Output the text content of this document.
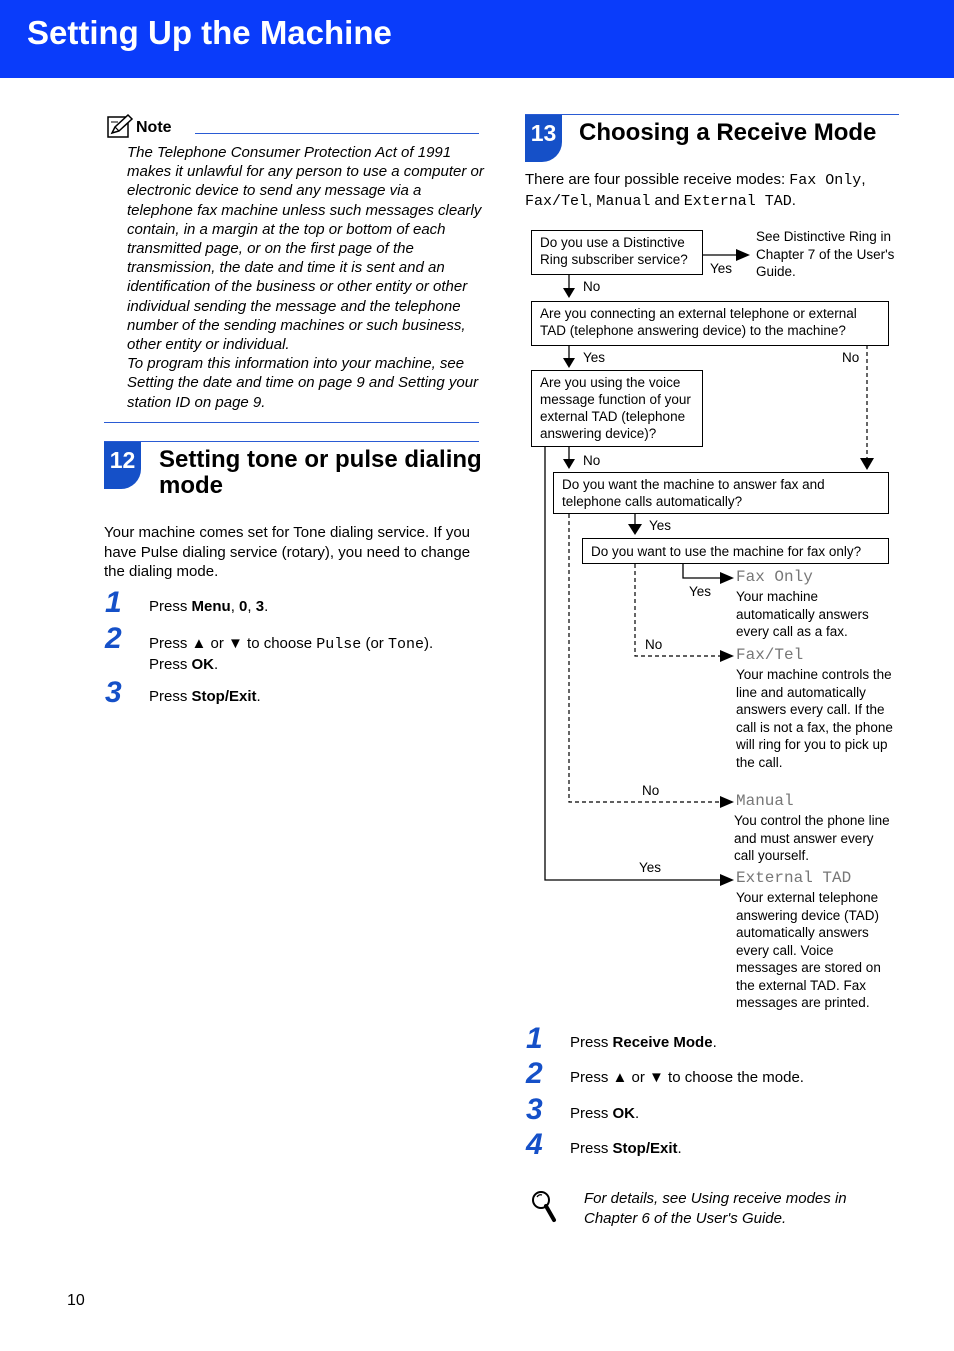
Setting Up the Machine
Note

The Telephone Consumer Protection Act of 1991 makes it unlawful for any person to use a computer or electronic device to send any message via a telephone fax machine unless such messages clearly contain, in a margin at the top or bottom of each transmitted page, or on the first page of the transmission, the date and time it is sent and an identification of the business or other entity or other individual sending the message and the telephone number of the sending machines or such business, other entity or individual.

To program this information into your machine, see Setting the date and time on page 9 and Setting your station ID on page 9.

12 Setting tone or pulse dialing
mode
Your machine comes set for Tone dialing service. If you have Pulse dialing service (rotary), you need to change the dialing mode.
1 Press Menu, 0, 3.
2 Press ▲ or ▼ to choose Pulse (or Tone).
Press OK.
3 Press Stop/Exit.
13 Choosing a Receive Mode
There are four possible receive modes: Fax Only, Fax/Tel, Manual and External TAD.
Do you use a Distinctive Ring subscriber service?
Yes
See Distinctive Ring in Chapter 7 of the User's Guide.
No
Are you connecting an external telephone or external TAD (telephone answering device) to the machine?
Yes	No
Are you using the voice message function of your external TAD (telephone answering device)?
No
Do you want the machine to answer fax and telephone calls automatically?
Yes
Do you want to use the machine for fax only?
Yes
No
No
Yes
Fax Only
Your machine automatically answers every call as a fax.
Fax/Tel
Your machine controls the line and automatically answers every call. If the call is not a fax, the phone will ring for you to pick up the call.
Manual
You control the phone line and must answer every call yourself.
External TAD
Your external telephone answering device (TAD) automatically answers every call. Voice messages are stored on the external TAD. Fax messages are printed.
1 Press Receive Mode.
2 Press ▲ or ▼ to choose the mode.
3 Press OK.
4 Press Stop/Exit.
For details, see Using receive modes in Chapter 6 of the User's Guide.
10
